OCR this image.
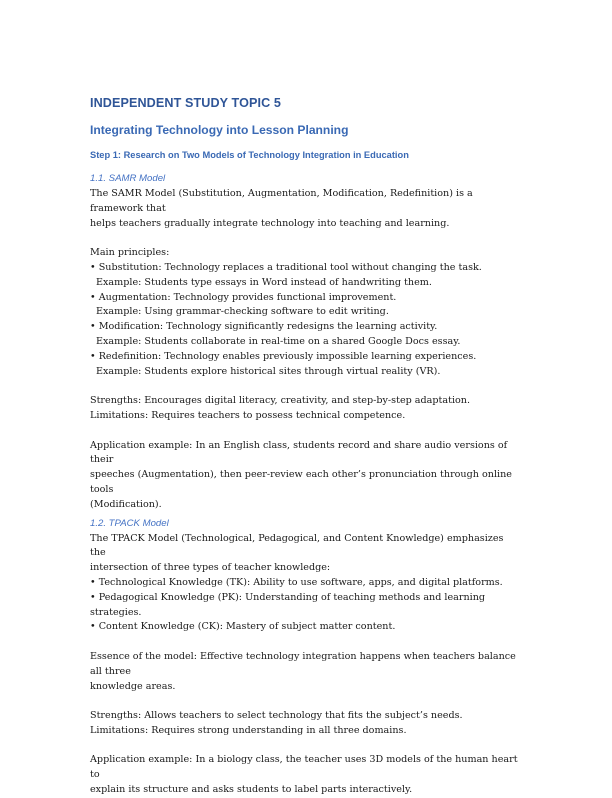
INDEPENDENT STUDY TOPIC 5
Integrating Technology into Lesson Planning
Step 1: Research on Two Models of Technology Integration in Education
1.1. SAMR Model
The SAMR Model (Substitution, Augmentation, Modification, Redefinition) is a framework that
helps teachers gradually integrate technology into teaching and learning.
Main principles:
• Substitution: Technology replaces a traditional tool without changing the task.
Example: Students type essays in Word instead of handwriting them.
• Augmentation: Technology provides functional improvement.
Example: Using grammar-checking software to edit writing.
• Modification: Technology significantly redesigns the learning activity.
Example: Students collaborate in real-time on a shared Google Docs essay.
• Redefinition: Technology enables previously impossible learning experiences.
Example: Students explore historical sites through virtual reality (VR).
Strengths: Encourages digital literacy, creativity, and step-by-step adaptation.
Limitations: Requires teachers to possess technical competence.
Application example: In an English class, students record and share audio versions of their
speeches (Augmentation), then peer-review each other’s pronunciation through online tools
(Modification).
1.2. TPACK Model
The TPACK Model (Technological, Pedagogical, and Content Knowledge) emphasizes the
intersection of three types of teacher knowledge:
• Technological Knowledge (TK): Ability to use software, apps, and digital platforms.
• Pedagogical Knowledge (PK): Understanding of teaching methods and learning strategies.
• Content Knowledge (CK): Mastery of subject matter content.
Essence of the model: Effective technology integration happens when teachers balance all three
knowledge areas.
Strengths: Allows teachers to select technology that fits the subject’s needs.
Limitations: Requires strong understanding in all three domains.
Application example: In a biology class, the teacher uses 3D models of the human heart to
explain its structure and asks students to label parts interactively.
